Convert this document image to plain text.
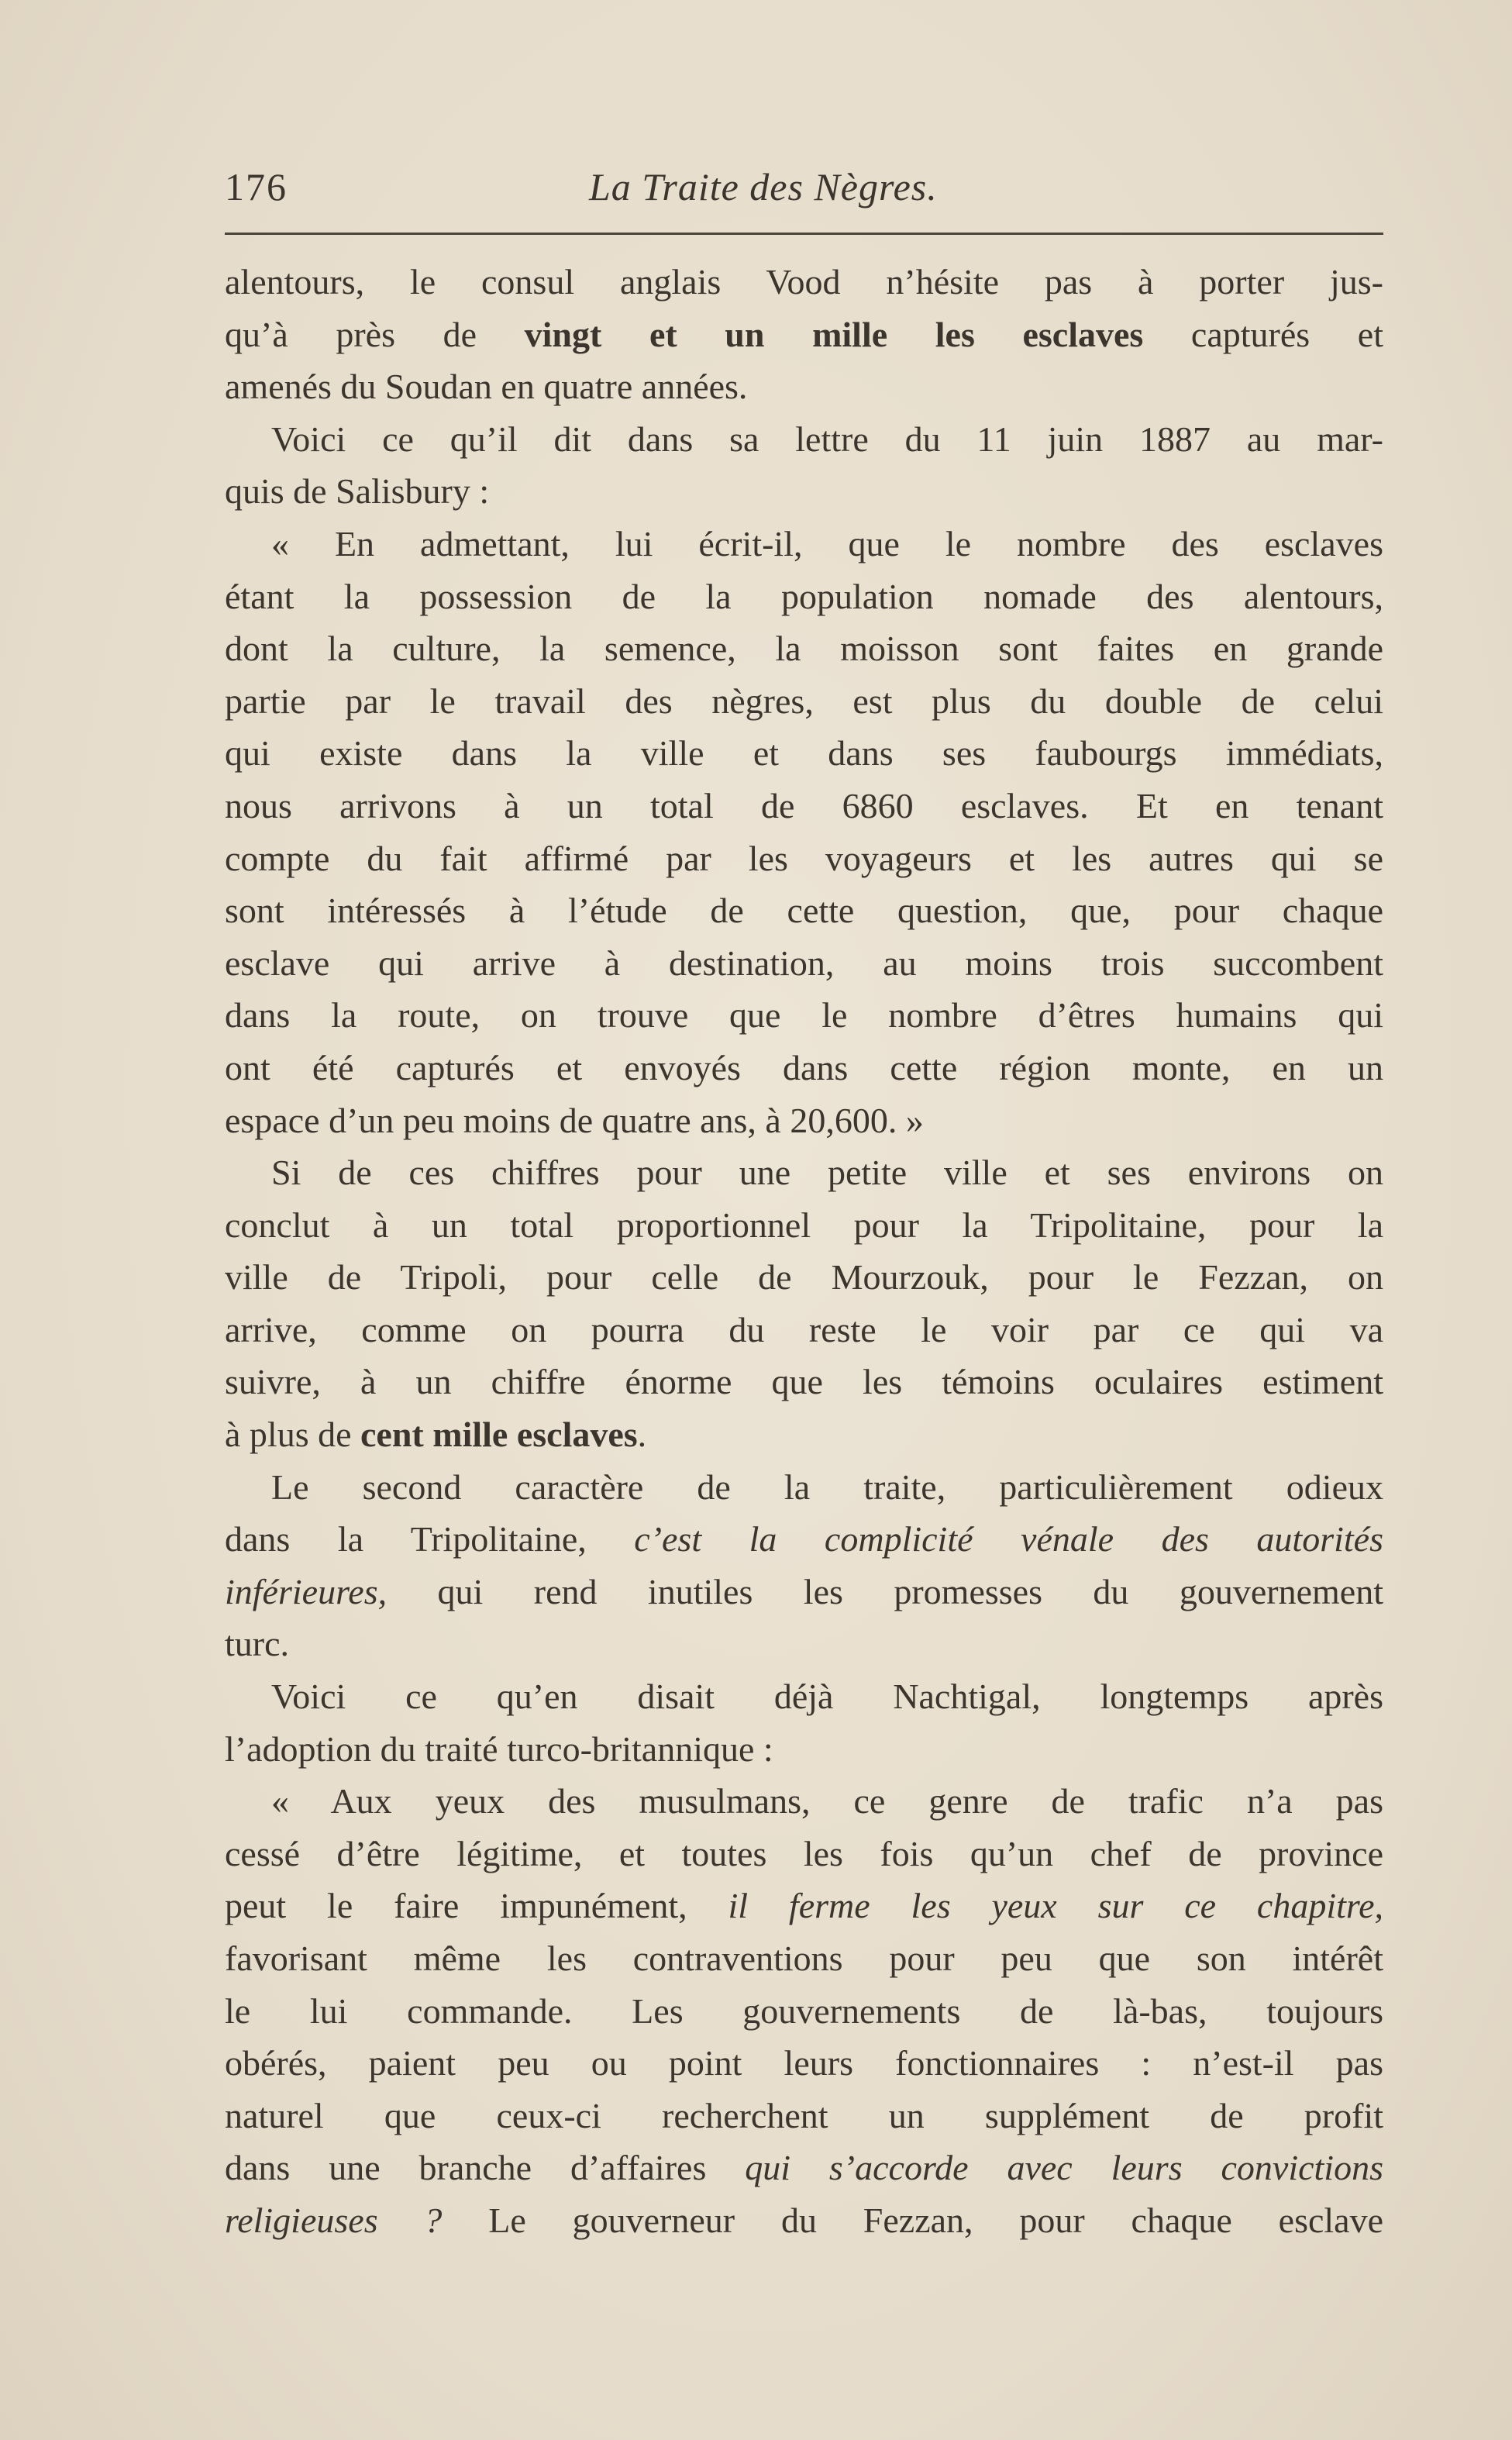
176	La Traite des Nègres.
alentours, le consul anglais Vood n’hésite pas à porter jus-
qu’à près de vingt et un mille les esclaves capturés et
amenés du Soudan en quatre années.
Voici ce qu’il dit dans sa lettre du 11 juin 1887 au mar-
quis de Salisbury :
« En admettant, lui écrit-il, que le nombre des esclaves
étant la possession de la population nomade des alentours,
dont la culture, la semence, la moisson sont faites en grande
partie par le travail des nègres, est plus du double de celui
qui existe dans la ville et dans ses faubourgs immédiats,
nous arrivons à un total de 6860 esclaves. Et en tenant
compte du fait affirmé par les voyageurs et les autres qui se
sont intéressés à l’étude de cette question, que, pour chaque
esclave qui arrive à destination, au moins trois succombent
dans la route, on trouve que le nombre d’êtres humains qui
ont été capturés et envoyés dans cette région monte, en un
espace d’un peu moins de quatre ans, à 20,600. »
Si de ces chiffres pour une petite ville et ses environs on
conclut à un total proportionnel pour la Tripolitaine, pour la
ville de Tripoli, pour celle de Mourzouk, pour le Fezzan, on
arrive, comme on pourra du reste le voir par ce qui va
suivre, à un chiffre énorme que les témoins oculaires estiment
à plus de cent mille esclaves.
Le second caractère de la traite, particulièrement odieux
dans la Tripolitaine, c’est la complicité vénale des autorités
inférieures, qui rend inutiles les promesses du gouvernement
turc.
Voici ce qu’en disait déjà Nachtigal, longtemps après
l’adoption du traité turco-britannique :
« Aux yeux des musulmans, ce genre de trafic n’a pas
cessé d’être légitime, et toutes les fois qu’un chef de province
peut le faire impunément, il ferme les yeux sur ce chapitre,
favorisant même les contraventions pour peu que son intérêt
le lui commande. Les gouvernements de là-bas, toujours
obérés, paient peu ou point leurs fonctionnaires : n’est-il pas
naturel que ceux-ci recherchent un supplément de profit
dans une branche d’affaires qui s’accorde avec leurs convictions
religieuses ? Le gouverneur du Fezzan, pour chaque esclave
